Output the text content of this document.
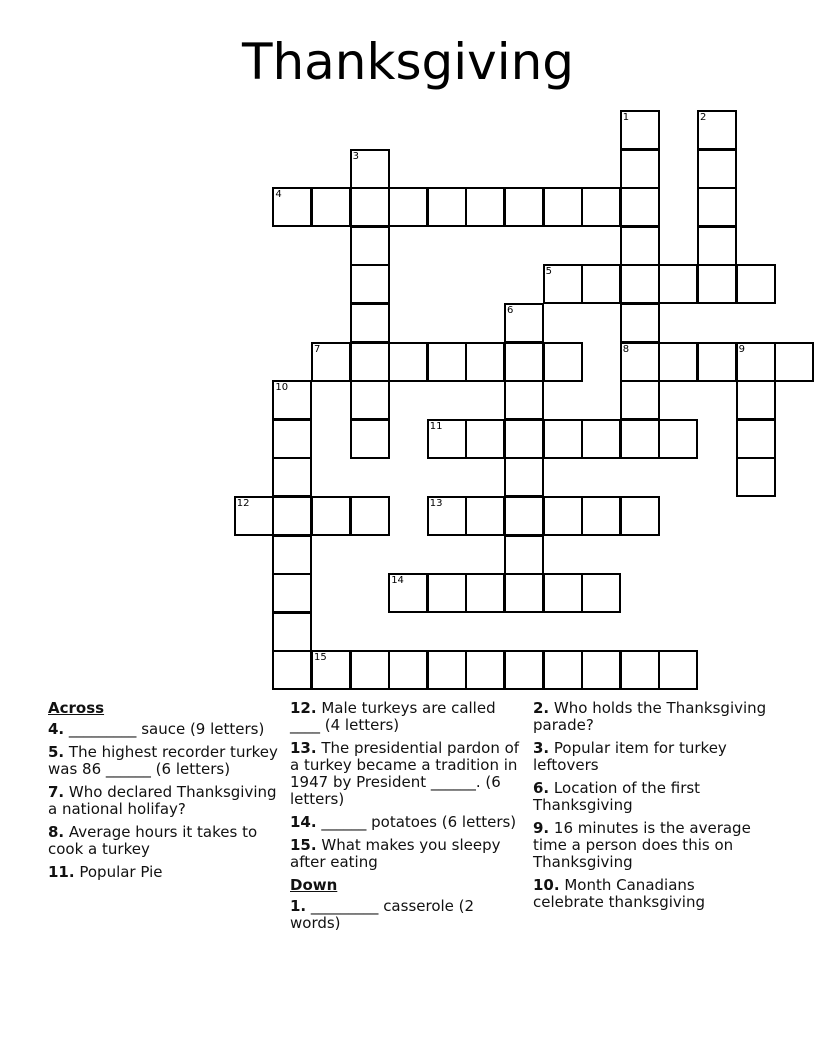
Thanksgiving
1	2
3
4
5
6
7	8	9
10
11
12	13
14
15
Across
4. _________ sauce (9 letters)
5. The highest recorder turkey was 86 ______ (6 letters)
7. Who declared Thanksgiving a national holifay?
8. Average hours it takes to cook a turkey
11. Popular Pie
12. Male turkeys are called ____ (4 letters)
13. The presidential pardon of a turkey became a tradition in 1947 by President ______. (6 letters)
14. ______ potatoes (6 letters)
15. What makes you sleepy after eating
Down
1. _________ casserole (2 words)
2. Who holds the Thanksgiving parade?
3. Popular item for turkey leftovers
6. Location of the first Thanksgiving
9. 16 minutes is the average time a person does this on Thanksgiving
10. Month Canadians celebrate thanksgiving
